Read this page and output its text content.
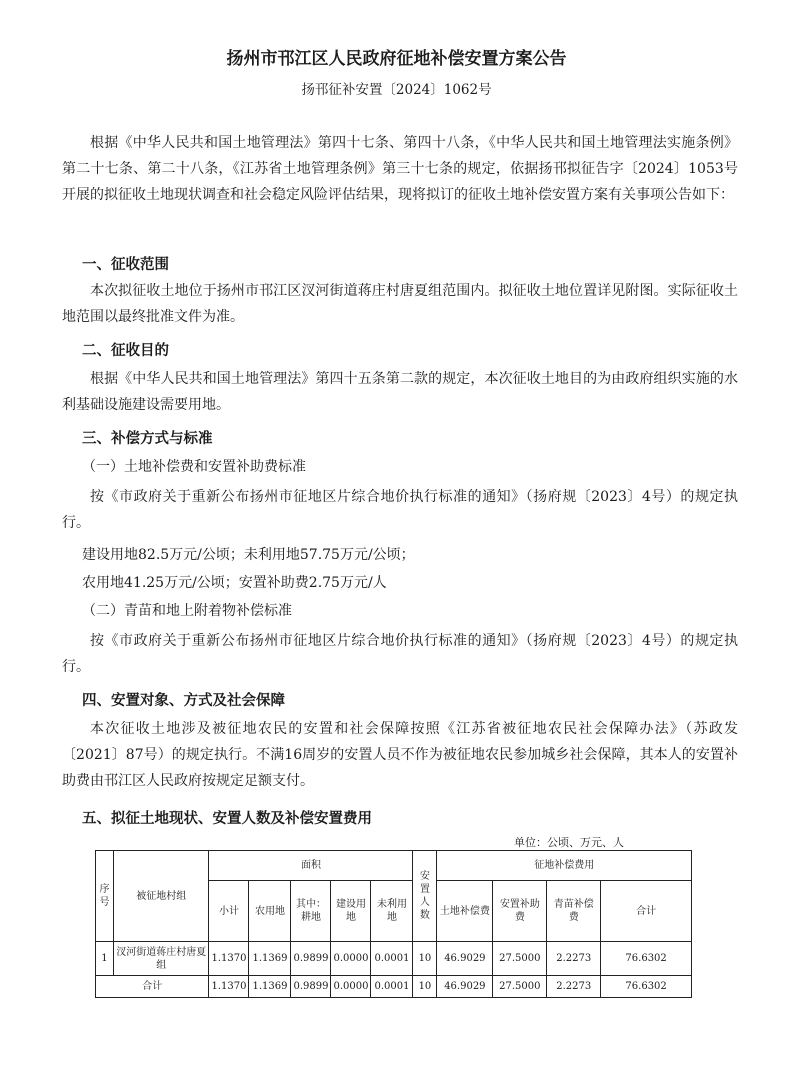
扬州市邗江区人民政府征地补偿安置方案公告
扬邗征补安置〔2024〕1062号

根据《中华人民共和国土地管理法》第四十七条、第四十八条，《中华人民共和国土地管理法实施条例》第二十七条、第二十八条，《江苏省土地管理条例》第三十七条的规定，依据扬邗拟征告字〔2024〕1053号开展的拟征收土地现状调查和社会稳定风险评估结果，现将拟订的征收土地补偿安置方案有关事项公告如下：

一、征收范围

本次拟征收土地位于扬州市邗江区汊河街道蒋庄村唐夏组范围内。拟征收土地位置详见附图。实际征收土地范围以最终批准文件为准。

二、征收目的

根据《中华人民共和国土地管理法》第四十五条第二款的规定，本次征收土地目的为由政府组织实施的水利基础设施建设需要用地。

三、补偿方式与标准

（一）土地补偿费和安置补助费标准

按《市政府关于重新公布扬州市征地区片综合地价执行标准的通知》（扬府规〔2023〕4号）的规定执行。

建设用地82.5万元/公顷；未利用地57.75万元/公顷；

农用地41.25万元/公顷；安置补助费2.75万元/人

（二）青苗和地上附着物补偿标准

按《市政府关于重新公布扬州市征地区片综合地价执行标准的通知》（扬府规〔2023〕4号）的规定执行。

四、安置对象、方式及社会保障

本次征收土地涉及被征地农民的安置和社会保障按照《江苏省被征地农民社会保障办法》（苏政发〔2021〕87号）的规定执行。不满16周岁的安置人员不作为被征地农民参加城乡社会保障，其本人的安置补助费由邗江区人民政府按规定足额支付。

五、拟征土地现状、安置人数及补偿安置费用

单位：公顷、万元、人
序号	被征地村组	面积					安置人数	征地补偿费用			
		小计	农用地	其中：耕地	建设用地	未利用地		土地补偿费	安置补助费	青苗补偿费	合计

1	汊河街道蒋庄村唐夏组	1.1370	1.1369	0.9899	0.0000	0.0001	10	46.9029	27.5000	2.2273	76.6302
合计		1.1370	1.1369	0.9899	0.0000	0.0001	10	46.9029	27.5000	2.2273	76.6302
